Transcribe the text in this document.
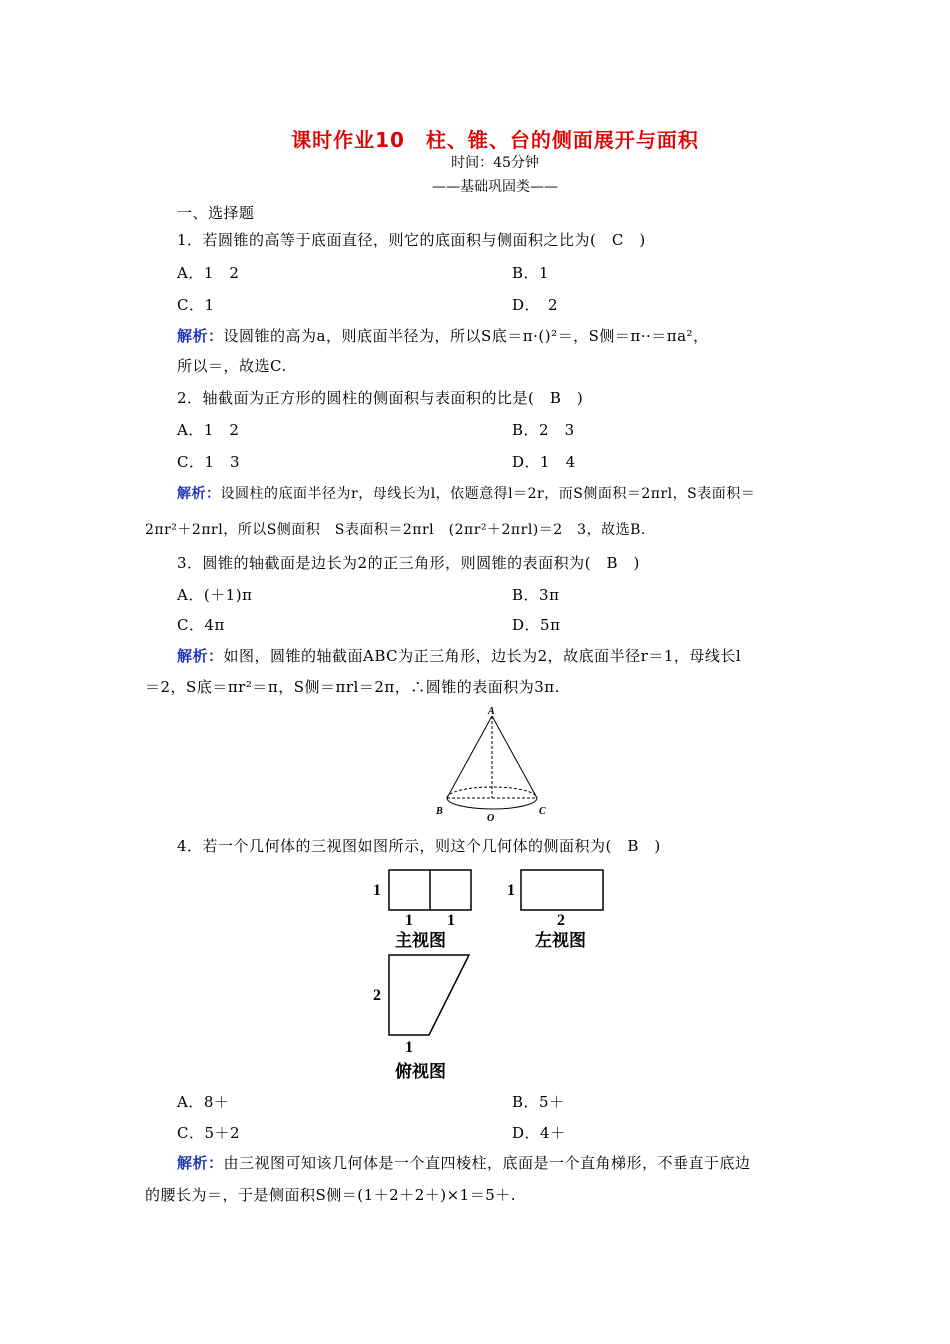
课时作业10　柱、锥、台的侧面展开与面积
时间：45分钟
——基础巩固类——
一、选择题
1．若圆锥的高等于底面直径，则它的底面积与侧面积之比为(　C　)
A．1　2	B．1
C．1	D．　2
解析：设圆锥的高为a，则底面半径为，所以S底＝π·()²＝，S侧＝π··＝πa²，
所以＝，故选C.
2．轴截面为正方形的圆柱的侧面积与表面积的比是(　B　)
A．1　2	B．2　3
C．1　3	D．1　4
解析：设圆柱的底面半径为r，母线长为l，依题意得l＝2r，而S侧面积＝2πrl，S表面积＝
2πr²＋2πrl，所以S侧面积　S表面积＝2πrl　(2πr²＋2πrl)＝2　3，故选B.
3．圆锥的轴截面是边长为2的正三角形，则圆锥的表面积为(　B　)
A．(＋1)π	B．3π
C．4π	D．5π
解析：如图，圆锥的轴截面ABC为正三角形，边长为2，故底面半径r＝1，母线长l
＝2，S底＝πr²＝π，S侧＝πrl＝2π，∴圆锥的表面积为3π.
A
B	C
O
4．若一个几何体的三视图如图所示，则这个几何体的侧面积为(　B　)
1
1 1
主视图
1
2
左视图
2
1
俯视图
A．8＋	B．5＋
C．5＋2	D．4＋
解析：由三视图可知该几何体是一个直四棱柱，底面是一个直角梯形，不垂直于底边
的腰长为＝，于是侧面积S侧＝(1＋2＋2＋)×1＝5＋.
